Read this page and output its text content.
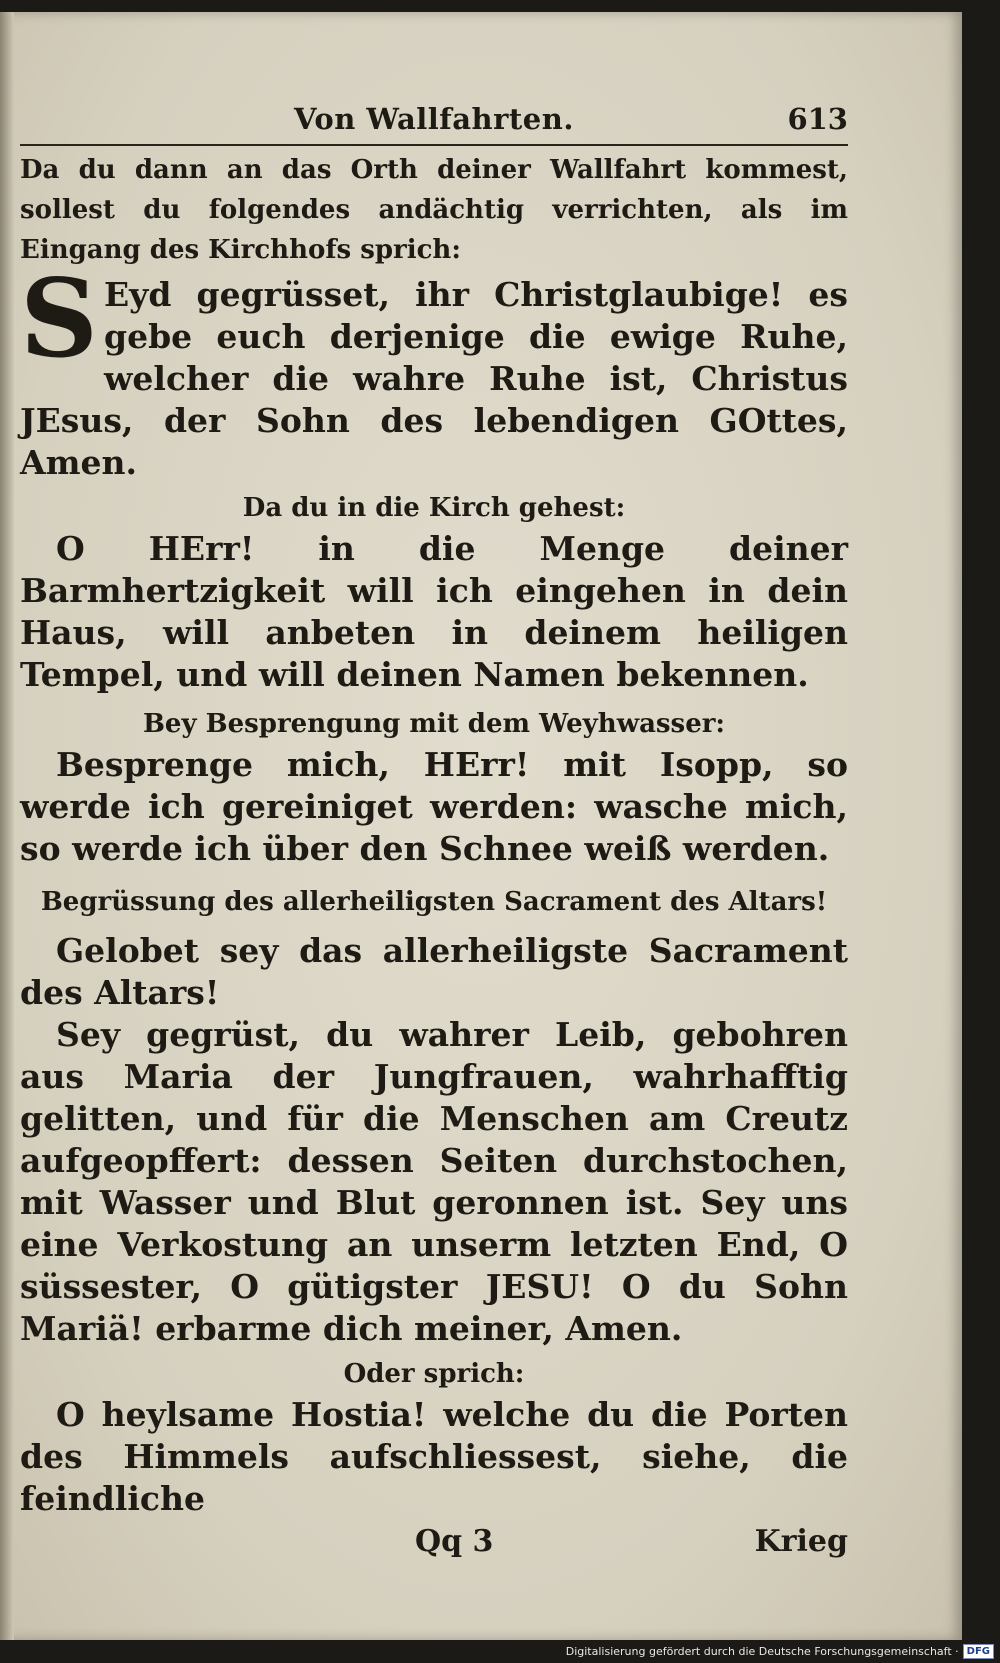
Von Wallfahrten.	613

Da du dann an das Orth deiner Wallfahrt kommest, sollest du folgendes andächtig verrichten, als im Eingang des Kirchhofs sprich:

S Eyd gegrüsset, ihr Christglaubige! es gebe euch derjenige die ewige Ruhe, welcher die wahre Ruhe ist, Christus JEsus, der Sohn des lebendigen GOttes, Amen.

Da du in die Kirch gehest:

O HErr! in die Menge deiner Barmhertzigkeit will ich eingehen in dein Haus, will anbeten in deinem heiligen Tempel, und will deinen Namen bekennen.

Bey Besprengung mit dem Weyhwasser:

Besprenge mich, HErr! mit Isopp, so werde ich gereiniget werden: wasche mich, so werde ich über den Schnee weiß werden.

Begrüssung des allerheiligsten Sacrament des Altars!

Gelobet sey das allerheiligste Sacrament des Altars!

Sey gegrüst, du wahrer Leib, gebohren aus Maria der Jungfrauen, wahrhafftig gelitten, und für die Menschen am Creutz aufgeopffert: dessen Seiten durchstochen, mit Wasser und Blut geronnen ist. Sey uns eine Verkostung an unserm letzten End, O süssester, O gütigster JESU! O du Sohn Mariä! erbarme dich meiner, Amen.

Oder sprich:

O heylsame Hostia! welche du die Porten des Himmels aufschliessest, siehe, die feindliche

Qq 3	Krieg
Digitalisierung gefördert durch die Deutsche Forschungsgemeinschaft · DFG
